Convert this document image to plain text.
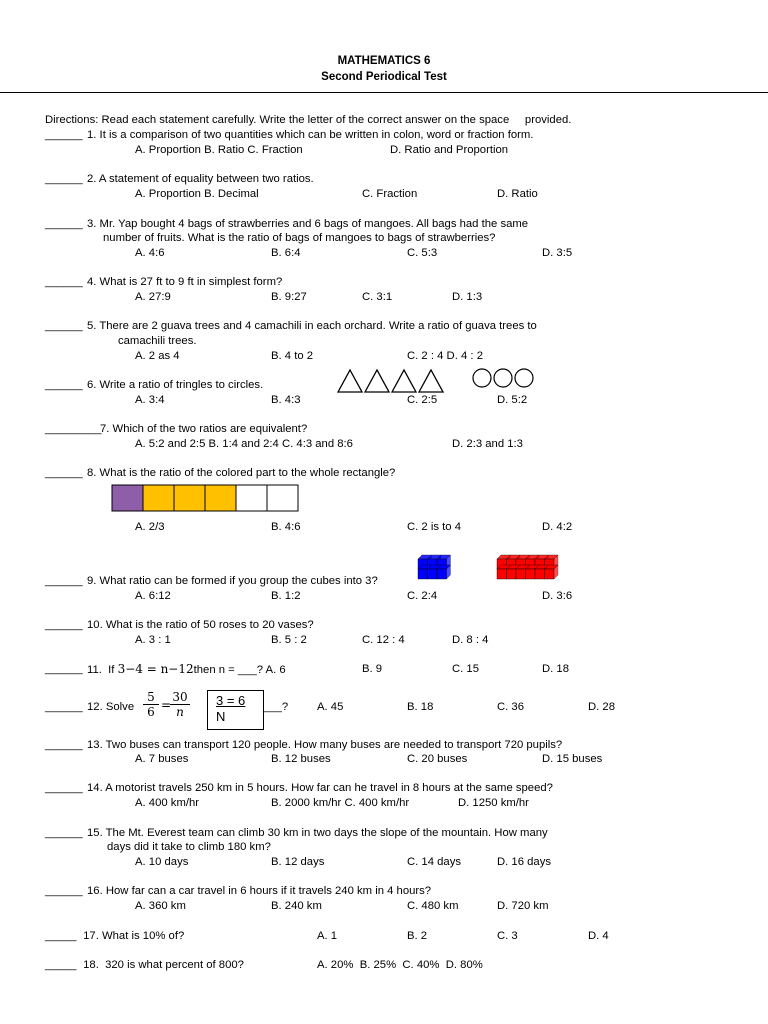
MATHEMATICS 6
Second Periodical Test
Directions: Read each statement carefully. Write the letter of the correct answer on the space     provided.
______ 1. It is a comparison of two quantities which can be written in colon, word or fraction form.
A. Proportion B. Ratio C. Fraction	D. Ratio and Proportion
______ 2. A statement of equality between two ratios.
A. Proportion B. Decimal	C. Fraction	D. Ratio
______ 3. Mr. Yap bought 4 bags of strawberries and 6 bags of mangoes. All bags had the same
number of fruits. What is the ratio of bags of mangoes to bags of strawberries?
A. 4:6	B. 6:4	C. 5:3	D. 3:5
______ 4. What is 27 ft to 9 ft in simplest form?
A. 27:9	B. 9:27	C. 3:1	D. 1:3
______ 5. There are 2 guava trees and 4 camachili in each orchard. Write a ratio of guava trees to
camachili trees.
A. 2 as 4	B. 4 to 2	C. 2 : 4 D. 4 : 2
______ 6. Write a ratio of tringles to circles.
A. 3:4	B. 4:3	C. 2:5	D. 5:2
_________
7. Which of the two ratios are equivalent?
A. 5:2 and 2:5 B. 1:4 and 2:4 C. 4:3 and 8:6	D. 2:3 and 1:3
______ 8. What is the ratio of the colored part to the whole rectangle?
A. 2/3	B. 4:6	C. 2 is to 4	D. 4:2
______ 9. What ratio can be formed if you group the cubes into 3?
A. 6:12	B. 1:2	C. 2:4	D. 3:6
______ 10. What is the ratio of 50 roses to 20 vases?
A. 3 : 1	B. 5 : 2	C. 12 : 4	D. 8 : 4
______ 11.  If 3−4 = n−12then n = ___? A. 6	B. 9	C. 15	D. 18
______ 12. Solve $\frac{5}{6}$ =
$\frac{30}{n} 3 = 6$
N
___?	A. 45	B. 18	C. 36	D. 28
______ 13. Two buses can transport 120 people. How many buses are needed to transport 720 pupils?
A. 7 buses	B. 12 buses	C. 20 buses	D. 15 buses
______ 14. A motorist travels 250 km in 5 hours. How far can he travel in 8 hours at the same speed?
A. 400 km/hr	B. 2000 km/hr C. 400 km/hr	D. 1250 km/hr
______ 15. The Mt. Everest team can climb 30 km in two days the slope of the mountain. How many
days did it take to climb 180 km?
A. 10 days	B. 12 days	C. 14 days	D. 16 days
______ 16. How far can a car travel in 6 hours if it travels 240 km in 4 hours?
A. 360 km	B. 240 km	C. 480 km	D. 720 km
_____ 17. What is 10% of?	A. 1	B. 2	C. 3	D. 4
_____ 18.  320 is what percent of 800?	A. 20%  B. 25%  C. 40%  D. 80%
